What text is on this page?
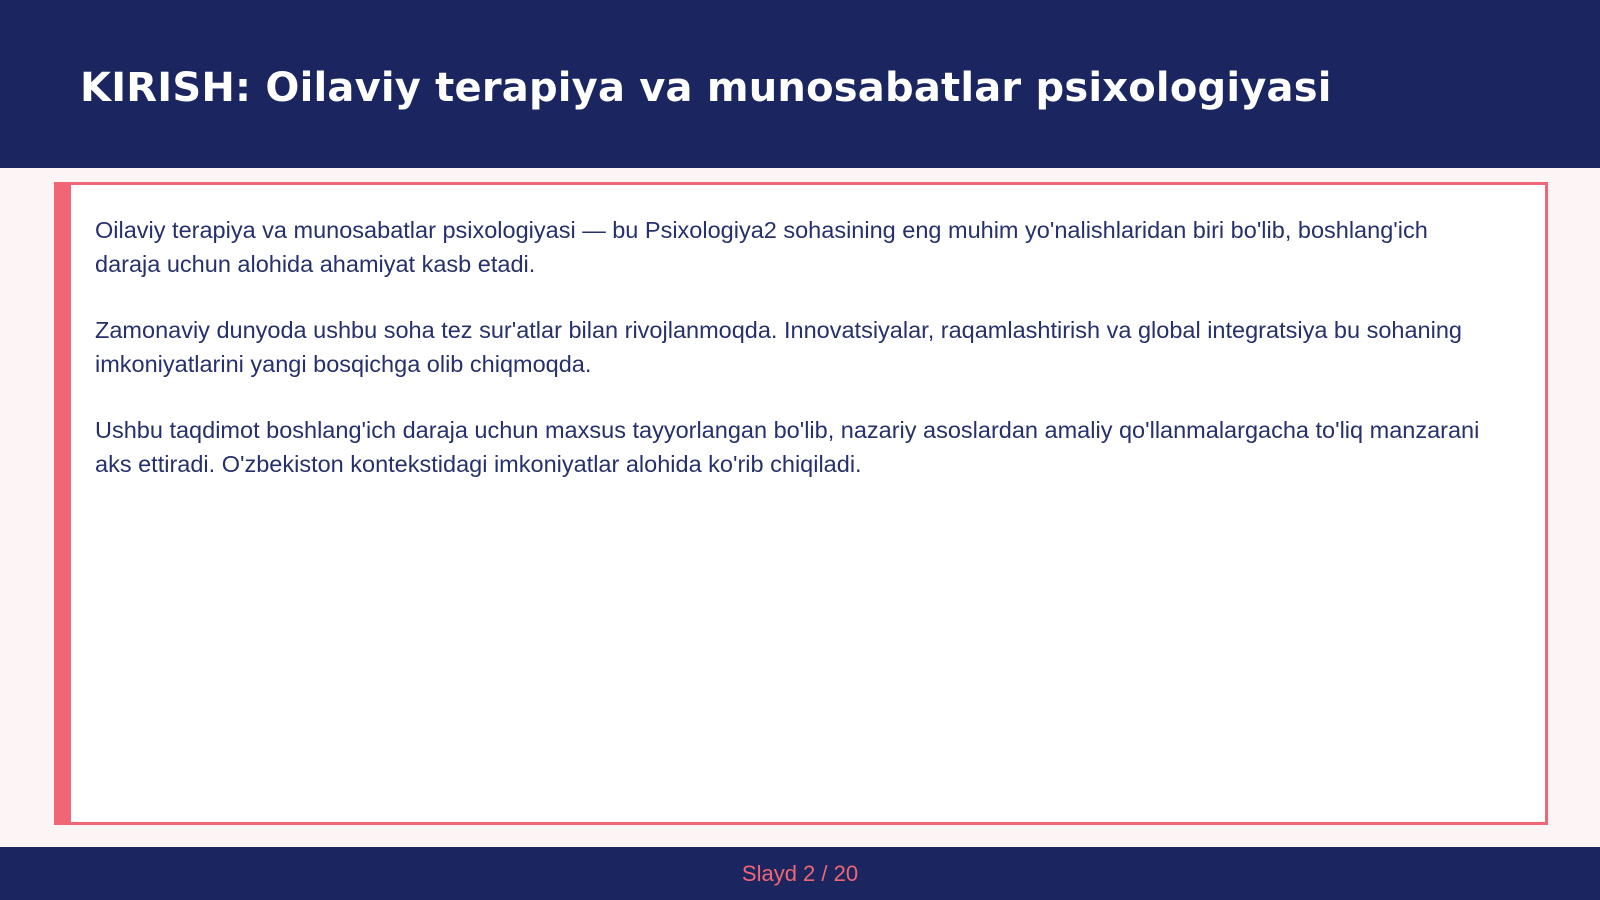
KIRISH: Oilaviy terapiya va munosabatlar psixologiyasi

Oilaviy terapiya va munosabatlar psixologiyasi — bu Psixologiya2 sohasining eng muhim yo'nalishlaridan biri bo'lib, boshlang'ich daraja uchun alohida ahamiyat kasb etadi.

Zamonaviy dunyoda ushbu soha tez sur'atlar bilan rivojlanmoqda. Innovatsiyalar, raqamlashtirish va global integratsiya bu sohaning imkoniyatlarini yangi bosqichga olib chiqmoqda.

Ushbu taqdimot boshlang'ich daraja uchun maxsus tayyorlangan bo'lib, nazariy asoslardan amaliy qo'llanmalargacha to'liq manzarani aks ettiradi. O'zbekiston kontekstidagi imkoniyatlar alohida ko'rib chiqiladi.

Slayd 2 / 20
